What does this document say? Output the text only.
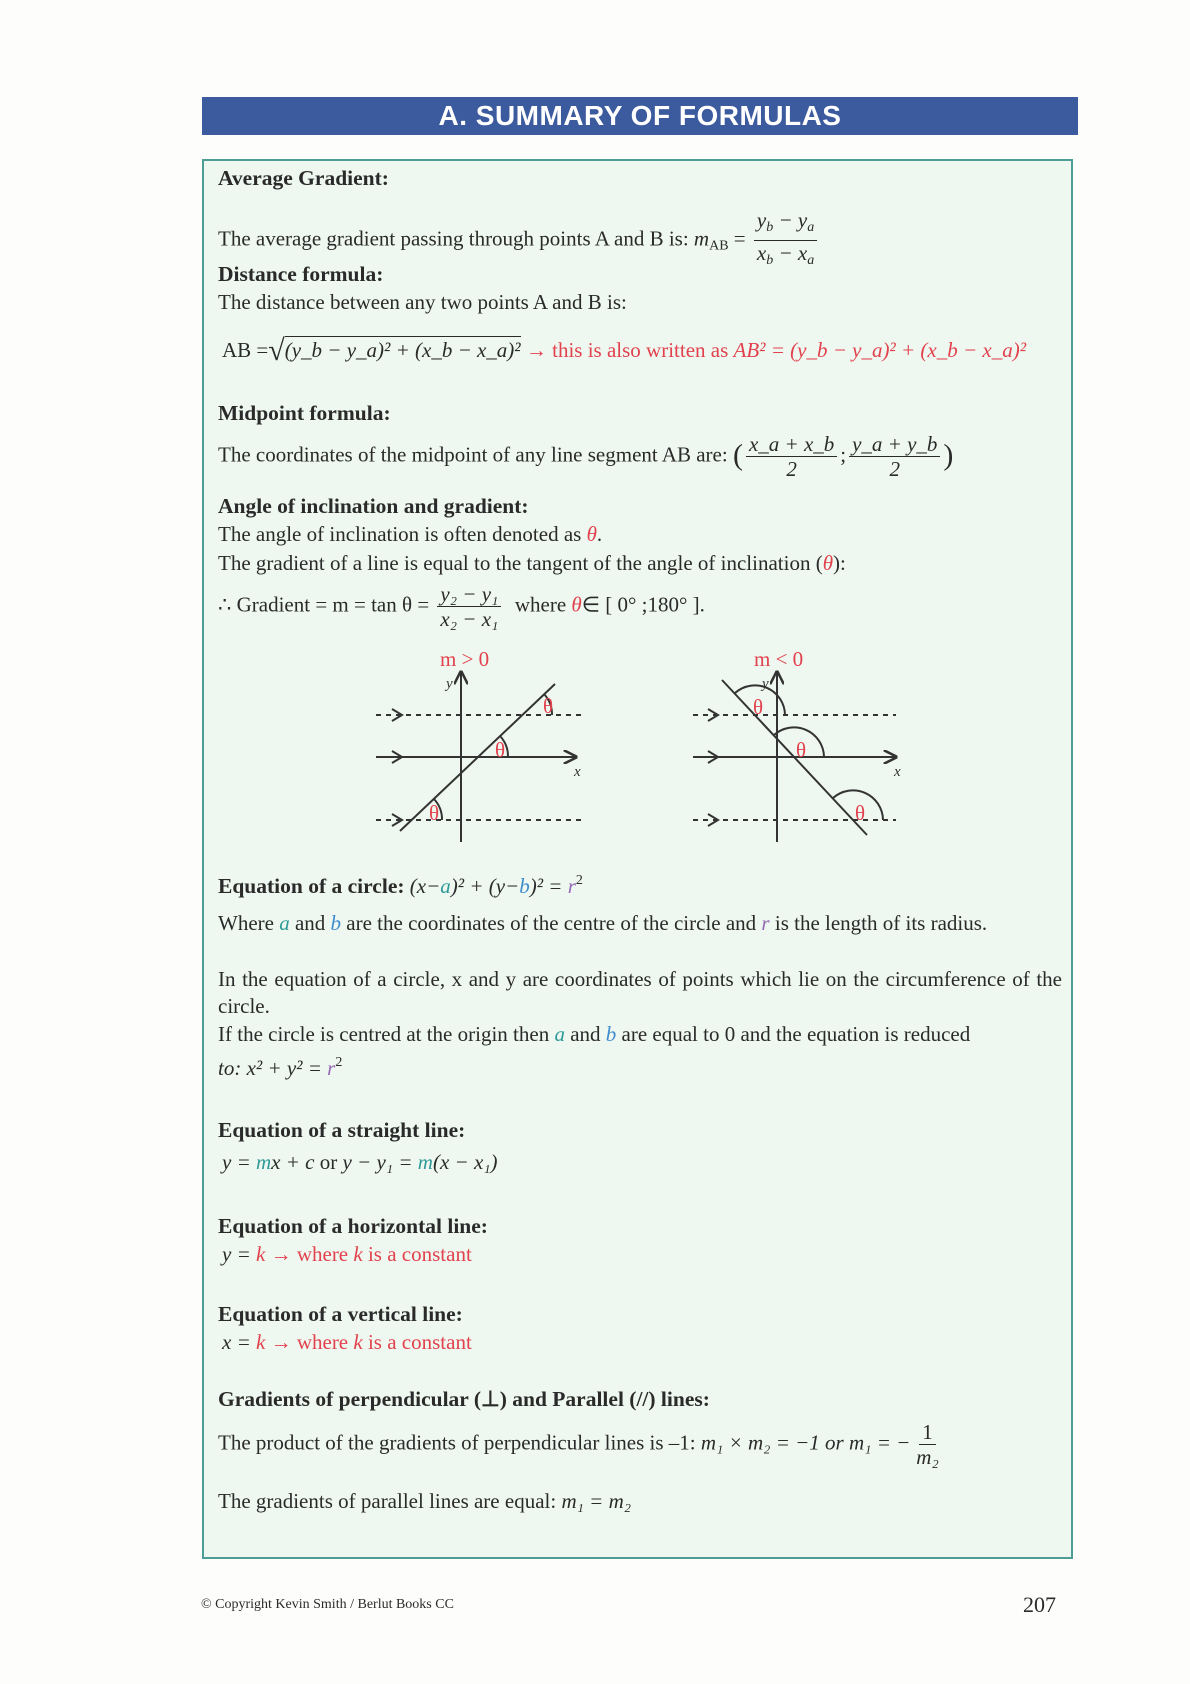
A. SUMMARY OF FORMULAS
Average Gradient:
The average gradient passing through points A and B is: $m_{AB} = \frac{y_b - y_a}{x_b - x_a}$
Distance formula:
The distance between any two points A and B is:
AB =√(y_b − y_a)² + (x_b − x_a)² → this is also written as AB² = (y_b − y_a)² + (x_b − x_a)²
Midpoint formula:
The coordinates of the midpoint of any line segment AB are: ( $\frac{x\_a + x\_b}{2}$ ; $\frac{y\_a + y\_b}{2}$ )
Angle of inclination and gradient:
The angle of inclination is often denoted as θ.
The gradient of a line is equal to the tangent of the angle of inclination (θ):
∴ Gradient = $m = \tan \theta = \frac{\text{y₂ − y₁}}{\text{x₂ − x₁}}$ where θ∈ [ 0° ;180° ].
m > 0	m < 0
θ
θ
θ
θ
θ
θ
y
x
y
x
Equation of a circle: $(x-a)^2 + (y-b)^2 = r^2$
Where a and b are the coordinates of the centre of the circle and r is the length of its radius.
In the equation of a circle, x and y are coordinates of points which lie on the circumference of the circle.
If the circle is centred at the origin then a and b are equal to 0 and the equation is reduced
to: $x^2 + y^2 = r^2$
Equation of a straight line:
y = mx + c or y − y₁ = m(x − x₁)
Equation of a horizontal line:
y = k → where k is a constant
Equation of a vertical line:
x = k → where k is a constant
Gradients of perpendicular (⊥) and Parallel (//) lines:
The product of the gradients of perpendicular lines is –1: m₁ × m₂ = −1 or m₁ = − $\frac{1}{\text{m₂}}$
The gradients of parallel lines are equal: m₁ = m₂
© Copyright Kevin Smith / Berlut Books CC	207
